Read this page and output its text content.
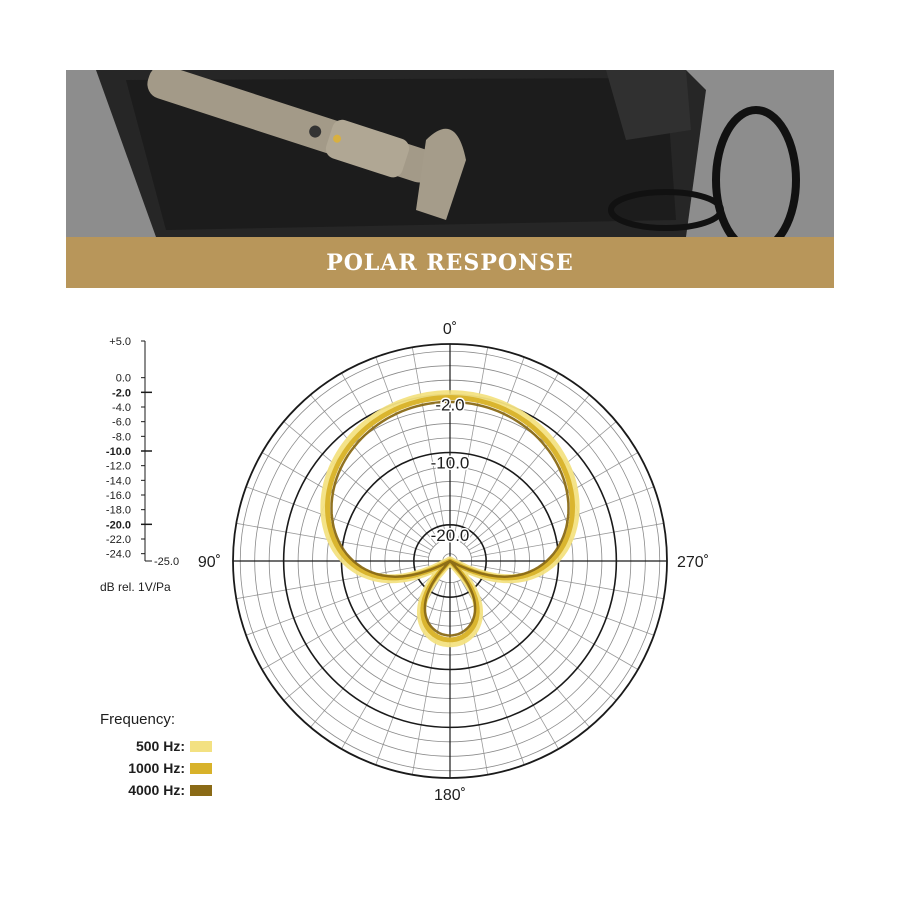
POLAR RESPONSE
0˚
90˚
180˚
270˚
-10.0
-20.0
-2.0
+5.0
0.0
-2.0
-4.0
-6.0
-8.0
-10.0
-12.0
-14.0
-16.0
-18.0
-20.0
-22.0
-24.0
-25.0
dB rel. 1V/Pa
Frequency:
500 Hz:
1000 Hz:
4000 Hz:
